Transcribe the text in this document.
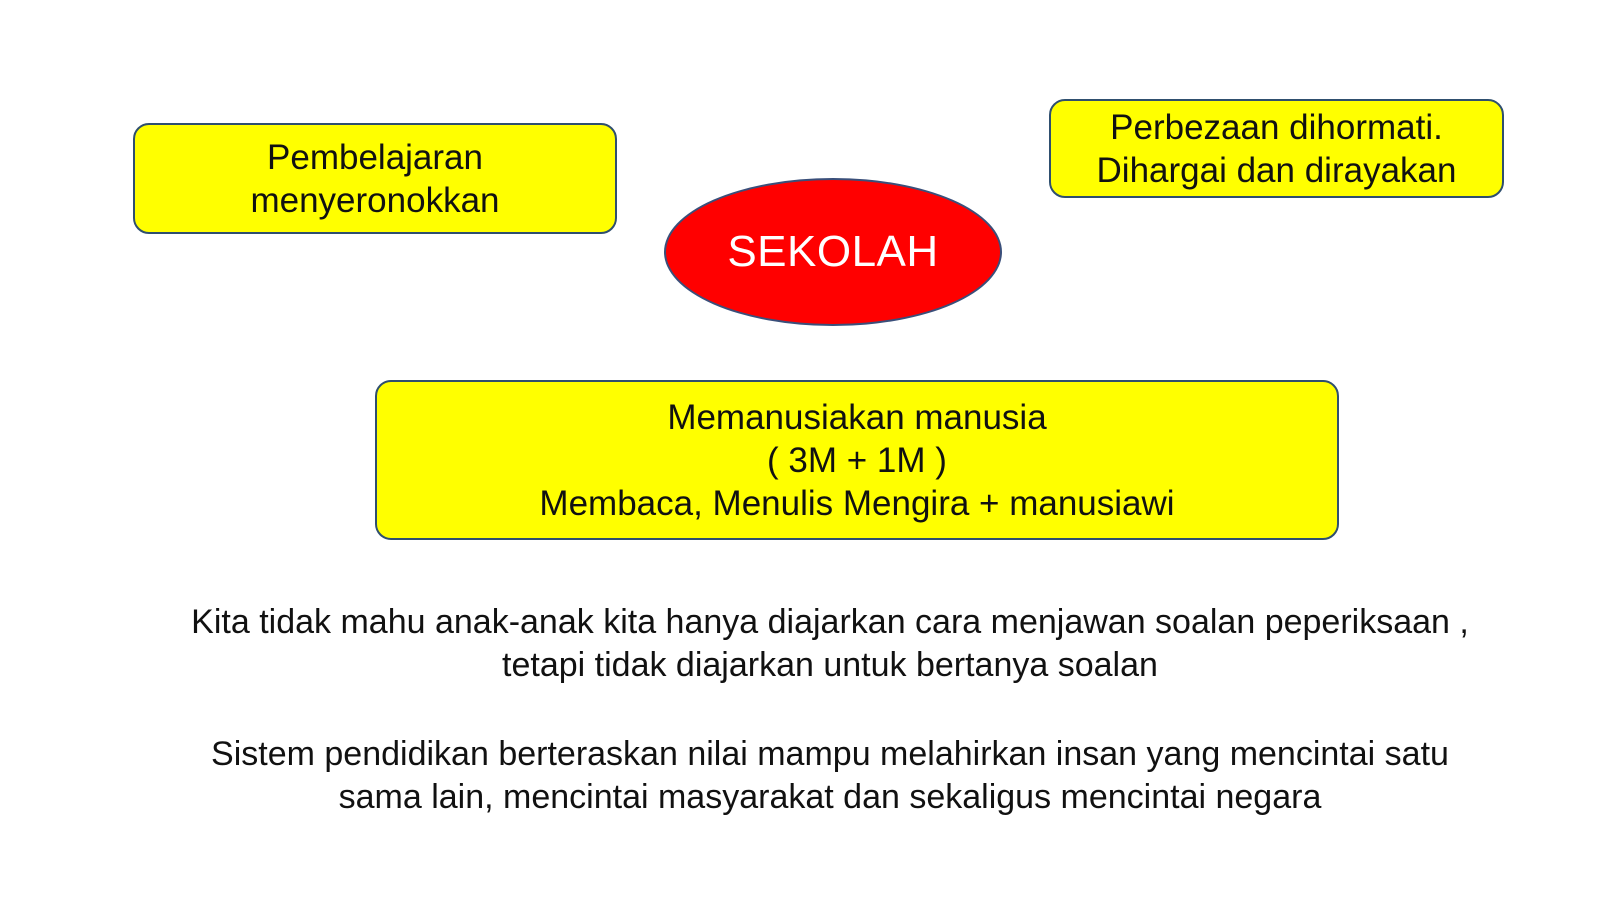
Pembelajaran
menyeronokkan
Perbezaan dihormati.
Dihargai dan dirayakan
SEKOLAH
Memanusiakan manusia
( 3M + 1M )
Membaca, Menulis Mengira + manusiawi
Kita tidak mahu anak-anak kita hanya diajarkan cara menjawan soalan peperiksaan ,
tetapi tidak diajarkan untuk bertanya soalan
Sistem pendidikan berteraskan nilai mampu melahirkan insan yang mencintai satu
sama lain, mencintai masyarakat dan sekaligus mencintai negara
